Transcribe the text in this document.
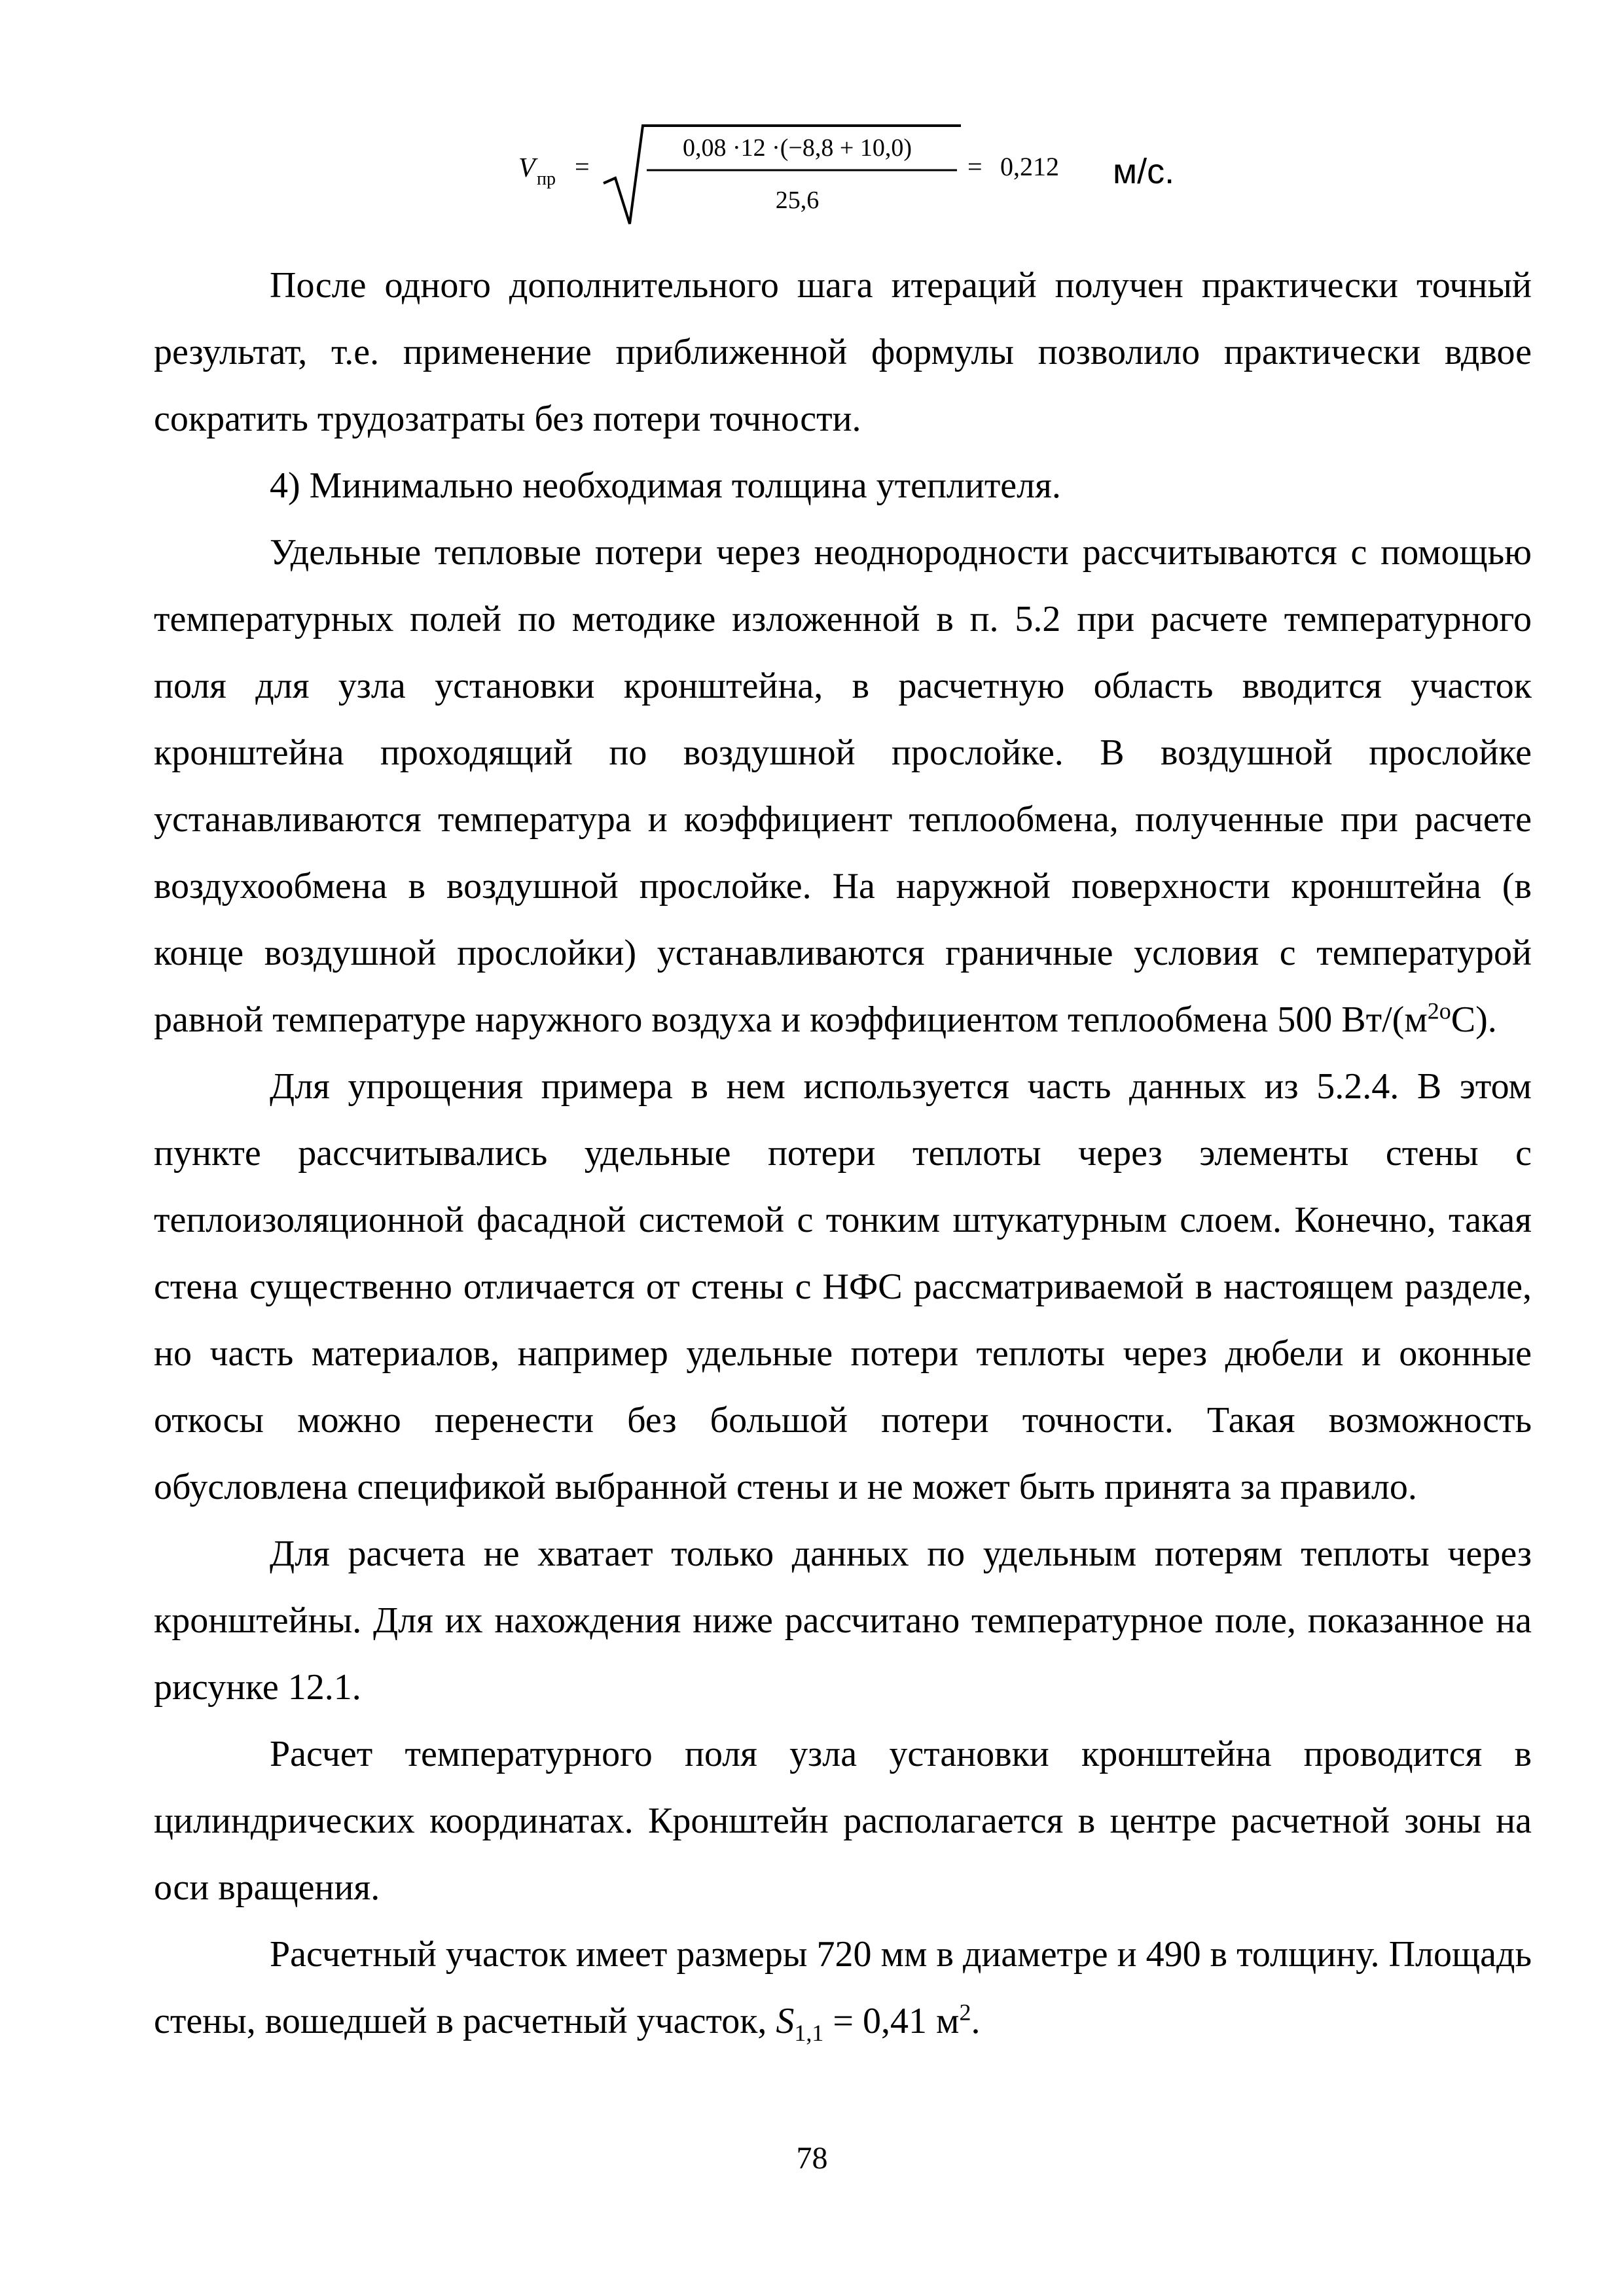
V пр =
0,08 ·12 ·(−8,8 + 10,0)
25,6
= 0,212 м/с.

После одного дополнительного шага итераций получен практически точный результат, т.е. применение приближенной формулы позволило практически вдвое сократить трудозатраты без потери точности.

4) Минимально необходимая толщина утеплителя.

Удельные тепловые потери через неоднородности рассчитываются с помощью температурных полей по методике изложенной в п. 5.2 при расчете температурного поля для узла установки кронштейна, в расчетную область вводится участок кронштейна проходящий по воздушной прослойке. В воздушной прослойке устанавливаются температура и коэффициент теплообмена, полученные при расчете воздухообмена в воздушной прослойке. На наружной поверхности кронштейна (в конце воздушной прослойки) устанавливаются граничные условия с температурой равной температуре наружного воздуха и коэффициентом теплообмена 500 $Вт/(м^{2о}С)$.

Для упрощения примера в нем используется часть данных из 5.2.4. В этом пункте рассчитывались удельные потери теплоты через элементы стены с теплоизоляционной фасадной системой с тонким штукатурным слоем. Конечно, такая стена существенно отличается от стены с НФС рассматриваемой в настоящем разделе, но часть материалов, например удельные потери теплоты через дюбели и оконные откосы можно перенести без большой потери точности. Такая возможность обусловлена спецификой выбранной стены и не может быть принята за правило.

Для расчета не хватает только данных по удельным потерям теплоты через кронштейны. Для их нахождения ниже рассчитано температурное поле, показанное на рисунке 12.1.

Расчет температурного поля узла установки кронштейна проводится в цилиндрических координатах. Кронштейн располагается в центре расчетной зоны на оси вращения.

Расчетный участок имеет размеры 720 мм в диаметре и 490 в толщину. Площадь стены, вошедшей в расчетный участок, $S_{1,1} = 0,41$ $м^2$.

78
